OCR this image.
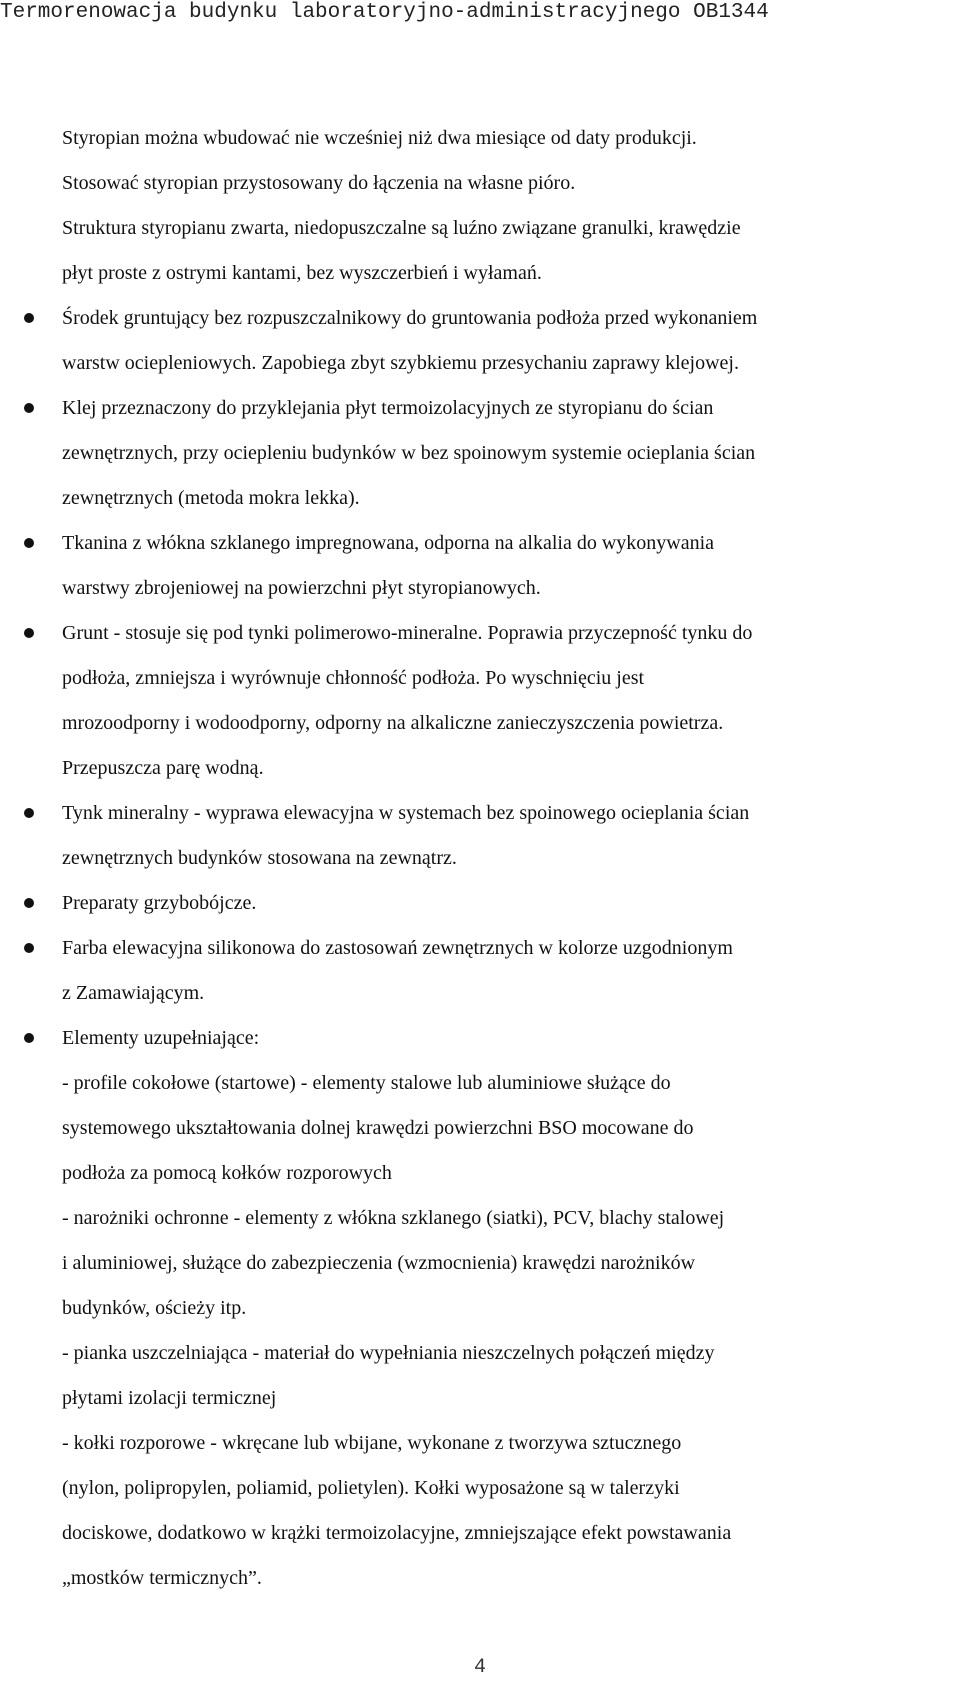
Termorenowacja budynku laboratoryjno-administracyjnego OB1344
Styropian można wbudować nie wcześniej niż dwa miesiące od daty produkcji.
Stosować styropian przystosowany do łączenia na własne pióro.
Struktura styropianu zwarta, niedopuszczalne są luźno związane granulki, krawędzie
płyt proste z ostrymi kantami, bez wyszczerbień i wyłamań.
Środek gruntujący bez rozpuszczalnikowy do gruntowania podłoża przed wykonaniem
warstw ociepleniowych. Zapobiega zbyt szybkiemu przesychaniu zaprawy klejowej.
Klej przeznaczony do przyklejania płyt termoizolacyjnych ze styropianu do ścian
zewnętrznych, przy ociepleniu budynków w bez spoinowym systemie ocieplania ścian
zewnętrznych (metoda mokra lekka).
Tkanina z włókna szklanego impregnowana, odporna na alkalia do wykonywania
warstwy zbrojeniowej na powierzchni płyt styropianowych.
Grunt - stosuje się pod tynki polimerowo-mineralne. Poprawia przyczepność tynku do
podłoża, zmniejsza i wyrównuje chłonność podłoża. Po wyschnięciu jest
mrozoodporny i wodoodporny, odporny na alkaliczne zanieczyszczenia powietrza.
Przepuszcza parę wodną.
Tynk mineralny - wyprawa elewacyjna w systemach bez spoinowego ocieplania ścian
zewnętrznych budynków stosowana na zewnątrz.
Preparaty grzybobójcze.
Farba elewacyjna silikonowa do zastosowań zewnętrznych w kolorze uzgodnionym
z Zamawiającym.
Elementy uzupełniające:
- profile cokołowe (startowe) - elementy stalowe lub aluminiowe służące do
systemowego ukształtowania dolnej krawędzi powierzchni BSO mocowane do
podłoża za pomocą kołków rozporowych
- narożniki ochronne - elementy z włókna szklanego (siatki), PCV, blachy stalowej
i aluminiowej, służące do zabezpieczenia (wzmocnienia) krawędzi narożników
budynków, ościeży itp.
- pianka uszczelniająca - materiał do wypełniania nieszczelnych połączeń między
płytami izolacji termicznej
- kołki rozporowe - wkręcane lub wbijane, wykonane z tworzywa sztucznego
(nylon, polipropylen, poliamid, polietylen). Kołki wyposażone są w talerzyki
dociskowe, dodatkowo w krążki termoizolacyjne, zmniejszające efekt powstawania
„mostków termicznych”.
4
